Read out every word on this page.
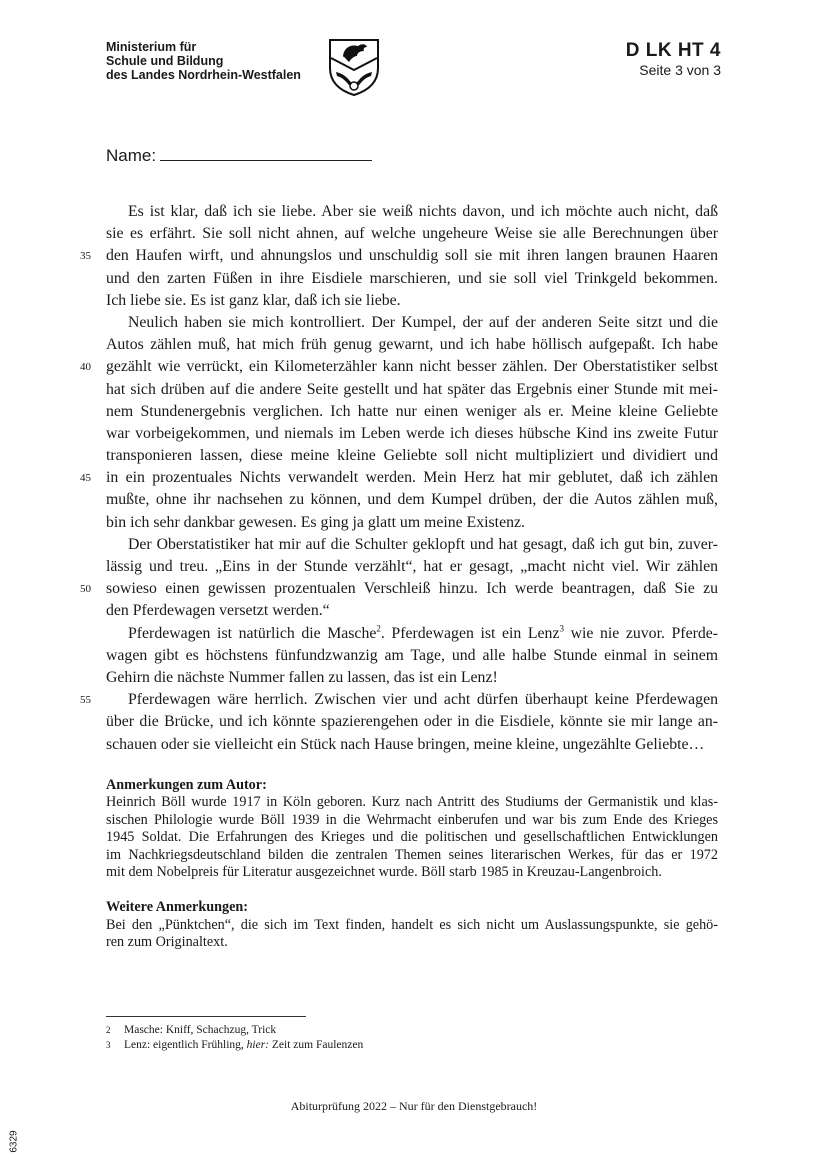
Ministerium für
Schule und Bildung
des Landes Nordrhein-Westfalen
D LK HT 4
Seite 3 von 3
Name:
Es ist klar, daß ich sie liebe. Aber sie weiß nichts davon, und ich möchte auch nicht, daß
sie es erfährt. Sie soll nicht ahnen, auf welche ungeheure Weise sie alle Berechnungen über
35 den Haufen wirft, und ahnungslos und unschuldig soll sie mit ihren langen braunen Haaren
und den zarten Füßen in ihre Eisdiele marschieren, und sie soll viel Trinkgeld bekommen.
Ich liebe sie. Es ist ganz klar, daß ich sie liebe.
Neulich haben sie mich kontrolliert. Der Kumpel, der auf der anderen Seite sitzt und die
Autos zählen muß, hat mich früh genug gewarnt, und ich habe höllisch aufgepaßt. Ich habe
40 gezählt wie verrückt, ein Kilometerzähler kann nicht besser zählen. Der Oberstatistiker selbst
hat sich drüben auf die andere Seite gestellt und hat später das Ergebnis einer Stunde mit mei-
nem Stundenergebnis verglichen. Ich hatte nur einen weniger als er. Meine kleine Geliebte
war vorbeigekommen, und niemals im Leben werde ich dieses hübsche Kind ins zweite Futur
transponieren lassen, diese meine kleine Geliebte soll nicht multipliziert und dividiert und
45 in ein prozentuales Nichts verwandelt werden. Mein Herz hat mir geblutet, daß ich zählen
mußte, ohne ihr nachsehen zu können, und dem Kumpel drüben, der die Autos zählen muß,
bin ich sehr dankbar gewesen. Es ging ja glatt um meine Existenz.
Der Oberstatistiker hat mir auf die Schulter geklopft und hat gesagt, daß ich gut bin, zuver-
lässig und treu. „Eins in der Stunde verzählt“, hat er gesagt, „macht nicht viel. Wir zählen
50 sowieso einen gewissen prozentualen Verschleiß hinzu. Ich werde beantragen, daß Sie zu
den Pferdewagen versetzt werden.“
Pferdewagen ist natürlich die Masche$^2$. Pferdewagen ist ein Lenz$^3$ wie nie zuvor. Pferde-
wagen gibt es höchstens fünfundzwanzig am Tage, und alle halbe Stunde einmal in seinem
Gehirn die nächste Nummer fallen zu lassen, das ist ein Lenz!
55 Pferdewagen wäre herrlich. Zwischen vier und acht dürfen überhaupt keine Pferdewagen
über die Brücke, und ich könnte spazierengehen oder in die Eisdiele, könnte sie mir lange an-
schauen oder sie vielleicht ein Stück nach Hause bringen, meine kleine, ungezählte Geliebte…
Anmerkungen zum Autor:
Heinrich Böll wurde 1917 in Köln geboren. Kurz nach Antritt des Studiums der Germanistik und klas-
sischen Philologie wurde Böll 1939 in die Wehrmacht einberufen und war bis zum Ende des Krieges
1945 Soldat. Die Erfahrungen des Krieges und die politischen und gesellschaftlichen Entwicklungen
im Nachkriegsdeutschland bilden die zentralen Themen seines literarischen Werkes, für das er 1972
mit dem Nobelpreis für Literatur ausgezeichnet wurde. Böll starb 1985 in Kreuzau-Langenbroich.
Weitere Anmerkungen:
Bei den „Pünktchen“, die sich im Text finden, handelt es sich nicht um Auslassungspunkte, sie gehö-
ren zum Originaltext.
2	Masche: Kniff, Schachzug, Trick
3	Lenz: eigentlich Frühling, hier: Zeit zum Faulenzen
Abiturprüfung 2022 – Nur für den Dienstgebrauch!
6329
